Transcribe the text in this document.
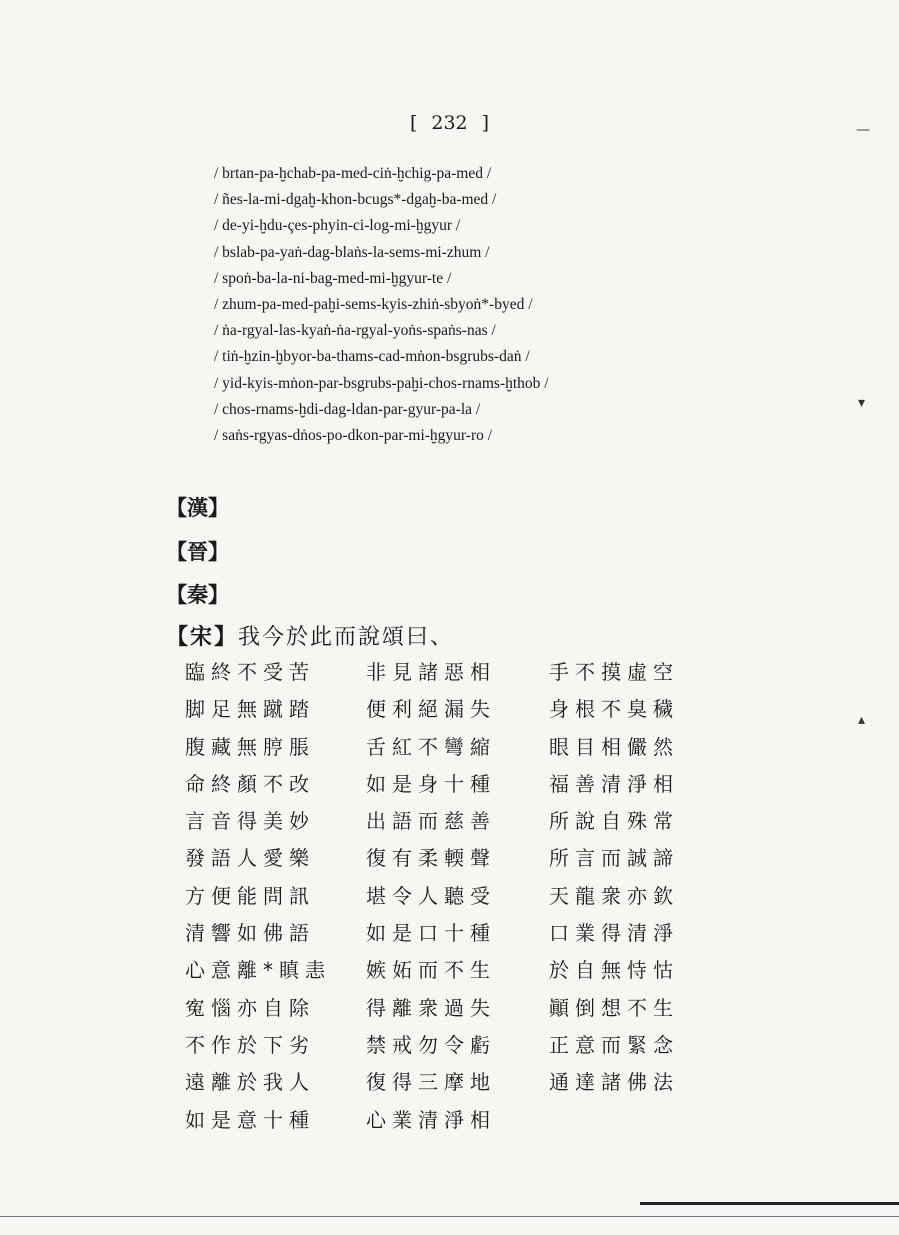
[ 232 ]
/ brtan-pa-ḫchab-pa-med-ciṅ-ḫchig-pa-med /
/ ñes-la-mi-dgaḫ-khon-bcugs*-dgaḫ-ba-med /
/ de-yi-ḫdu-çes-phyin-ci-log-mi-ḫgyur /
/ bslab-pa-yaṅ-dag-blaṅs-la-sems-mi-zhum /
/ spoṅ-ba-la-ni-bag-med-mi-ḫgyur-te /
/ zhum-pa-med-paḫi-sems-kyis-zhiṅ-sbyoṅ*-byed /
/ ṅa-rgyal-las-kyaṅ-ṅa-rgyal-yoṅs-spaṅs-nas /
/ tiṅ-ḫzin-ḫbyor-ba-thams-cad-mṅon-bsgrubs-daṅ /
/ yid-kyis-mṅon-par-bsgrubs-paḫi-chos-rnams-ḫthob /
/ chos-rnams-ḫdi-dag-ldan-par-gyur-pa-la /
/ saṅs-rgyas-dṅos-po-dkon-par-mi-ḫgyur-ro /
【漢】
【晉】
【秦】
【宋】我今於此而說頌曰、
臨終不受苦
脚足無蹴踏
腹藏無脝脹
命終顏不改
言音得美妙
發語人愛樂
方便能問訊
清響如佛語
心意離*瞋恚
寃惱亦自除
不作於下劣
遠離於我人
如是意十種
非見諸惡相
便利絕漏失
舌紅不彎縮
如是身十種
出語而慈善
復有柔輭聲
堪令人聽受
如是口十種
嫉妬而不生
得離衆過失
禁戒勿令虧
復得三摩地
心業清淨相
手不摸虛空
身根不臭穢
眼目相儼然
福善清淨相
所說自殊常
所言而誠諦
天龍衆亦欽
口業得清淨
於自無恃怙
顚倒想不生
正意而緊念
通達諸佛法
—
▾
▴
